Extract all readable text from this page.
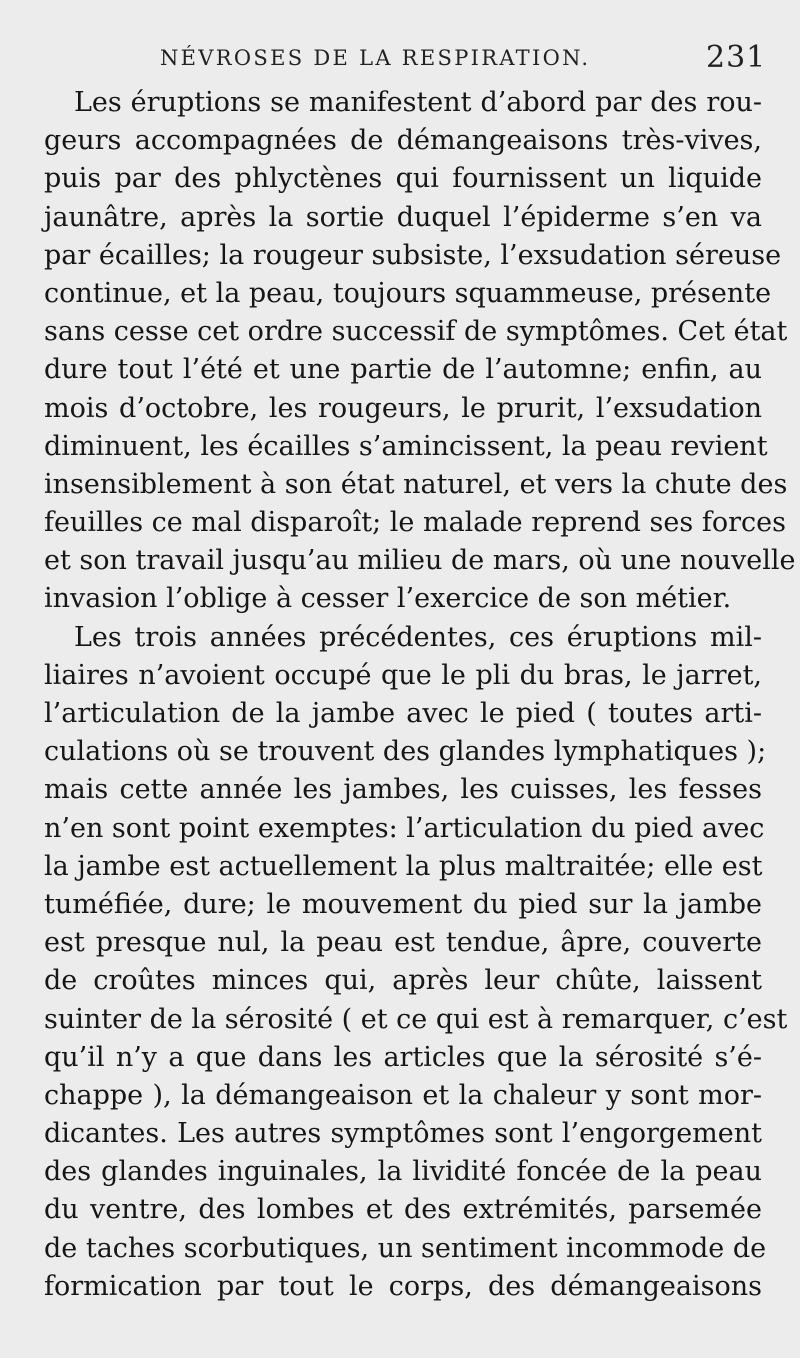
NÉVROSES DE LA RESPIRATION.	231
Les éruptions se manifestent d’abord par des rou-
geurs accompagnées de démangeaisons très-vives,
puis par des phlyctènes qui fournissent un liquide
jaunâtre, après la sortie duquel l’épiderme s’en va
par écailles; la rougeur subsiste, l’exsudation séreuse
continue, et la peau, toujours squammeuse, présente
sans cesse cet ordre successif de symptômes. Cet état
dure tout l’été et une partie de l’automne; enfin, au
mois d’octobre, les rougeurs, le prurit, l’exsudation
diminuent, les écailles s’amincissent, la peau revient
insensiblement à son état naturel, et vers la chute des
feuilles ce mal disparoît; le malade reprend ses forces
et son travail jusqu’au milieu de mars, où une nouvelle
invasion l’oblige à cesser l’exercice de son métier.
Les trois années précédentes, ces éruptions mil-
liaires n’avoient occupé que le pli du bras, le jarret,
l’articulation de la jambe avec le pied ( toutes arti-
culations où se trouvent des glandes lymphatiques );
mais cette année les jambes, les cuisses, les fesses
n’en sont point exemptes: l’articulation du pied avec
la jambe est actuellement la plus maltraitée; elle est
tuméfiée, dure; le mouvement du pied sur la jambe
est presque nul, la peau est tendue, âpre, couverte
de croûtes minces qui, après leur chûte, laissent
suinter de la sérosité ( et ce qui est à remarquer, c’est
qu’il n’y a que dans les articles que la sérosité s’é-
chappe ), la démangeaison et la chaleur y sont mor-
dicantes. Les autres symptômes sont l’engorgement
des glandes inguinales, la lividité foncée de la peau
du ventre, des lombes et des extrémités, parsemée
de taches scorbutiques, un sentiment incommode de
formication par tout le corps, des démangeaisons
